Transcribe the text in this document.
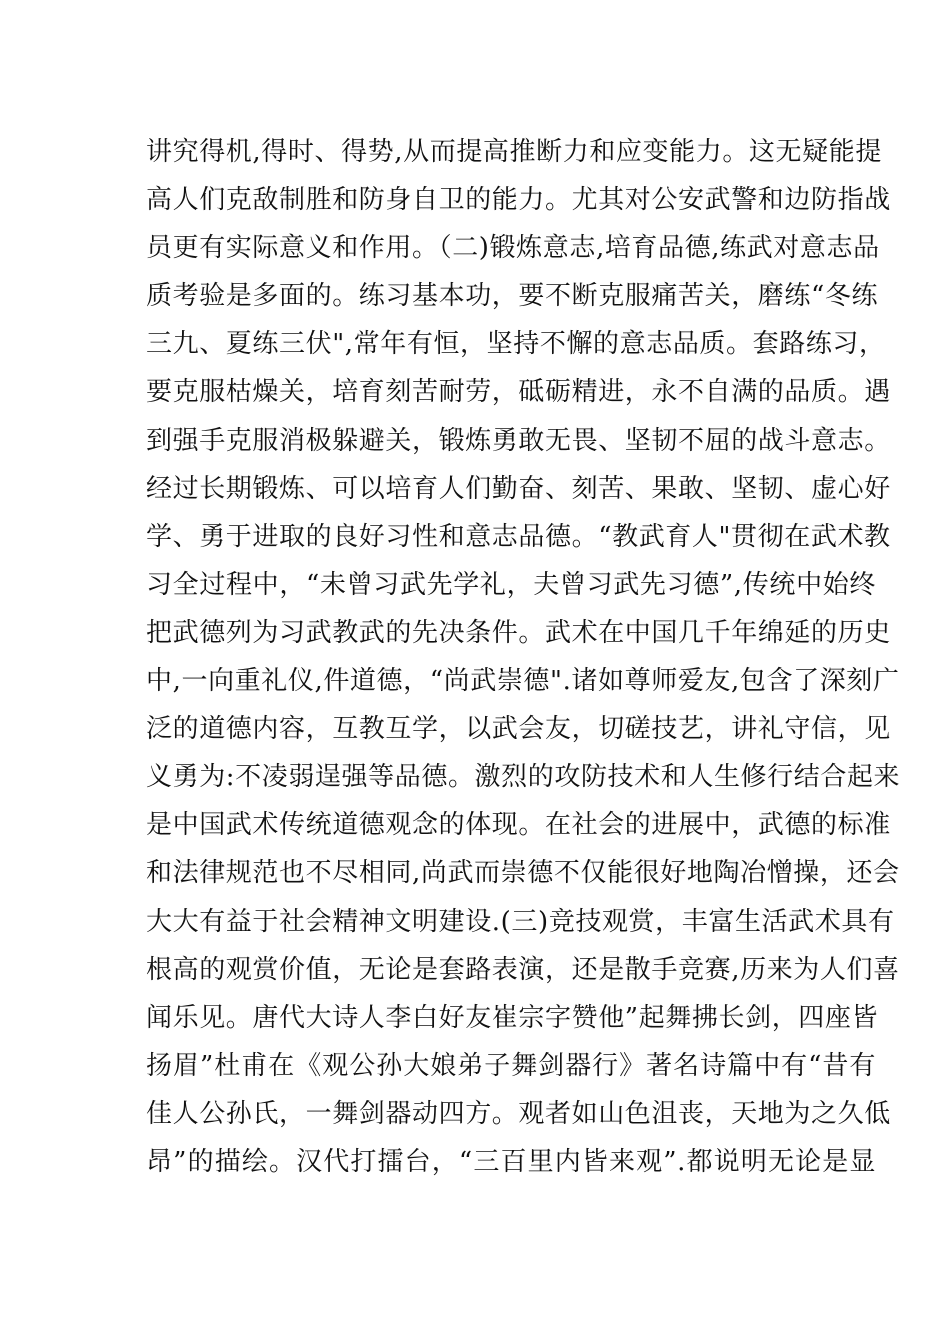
讲究得机,得时、得势,从而提高推断力和应变能力。这无疑能提
高人们克敌制胜和防身自卫的能力。尤其对公安武警和边防指战
员更有实际意义和作用。（二)锻炼意志,培育品德,练武对意志品
质考验是多面的。练习基本功，要不断克服痛苦关，磨练“冬练
三九、夏练三伏",常年有恒，坚持不懈的意志品质。套路练习，
要克服枯燥关，培育刻苦耐劳，砥砺精进，永不自满的品质。遇
到强手克服消极躲避关，锻炼勇敢无畏、坚韧不屈的战斗意志。
经过长期锻炼、可以培育人们勤奋、刻苦、果敢、坚韧、虚心好
学、勇于进取的良好习性和意志品德。“教武育人"贯彻在武术教
习全过程中，“未曾习武先学礼，夫曾习武先习德”,传统中始终
把武德列为习武教武的先决条件。武术在中国几千年绵延的历史
中,一向重礼仪,件道德，“尚武崇德".诸如尊师爱友,包含了深刻广
泛的道德内容，互教互学，以武会友，切磋技艺，讲礼守信，见
义勇为:不凌弱逞强等品德。激烈的攻防技术和人生修行结合起来
是中国武术传统道德观念的体现。在社会的进展中，武德的标准
和法律规范也不尽相同,尚武而崇德不仅能很好地陶冶憎操，还会
大大有益于社会精神文明建设.(三)竞技观赏，丰富生活武术具有
根高的观赏价值，无论是套路表演，还是散手竞赛,历来为人们喜
闻乐见。唐代大诗人李白好友崔宗字赞他”起舞拂长剑，四座皆
扬眉”杜甫在《观公孙大娘弟子舞剑器行》著名诗篇中有“昔有
佳人公孙氏，一舞剑器动四方。观者如山色沮丧，天地为之久低
昂”的描绘。汉代打擂台，“三百里内皆来观”.都说明无论是显
